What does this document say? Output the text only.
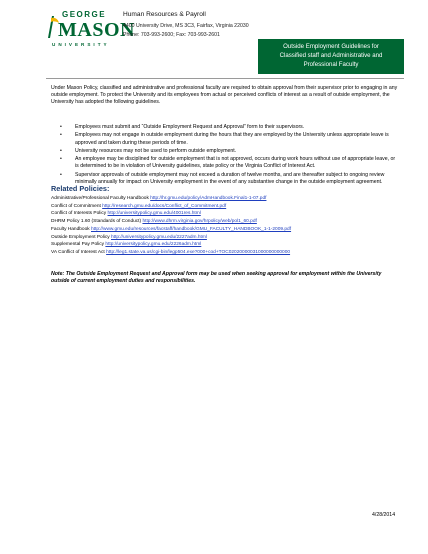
GEORGE
MASON
UNIVERSITY
Human Resources & Payroll
4400 University Drive, MS 3C3, Fairfax, Virginia 22030
Phone: 703-993-2600; Fax: 703-993-2601
Outside Employment Guidelines for
Classified staff and Administrative and
Professional Faculty
Under Mason Policy, classified and administrative and professional faculty are required to obtain approval from their supervisor prior to engaging in any outside employment. To protect the University and its employees from actual or perceived conflicts of interest as a result of outside employment, the University has adopted the following guidelines.
•	Employees must submit and “Outside Employment Request and Approval” form to their supervisors.
•	Employees may not engage in outside employment during the hours that they are employed by the University unless appropriate leave is approved and taken during these periods of time.
•	University resources may not be used to perform outside employment.
•	An employee may be disciplined for outside employment that is not approved, occurs during work hours without use of appropriate leave, or is determined to be in violation of University guidelines, state policy or the Virginia Conflict of Interest Act.
•	Supervisor approvals of outside employment may not exceed a duration of twelve months, and are thereafter subject to ongoing review minimally annually for impact on University employment in the event of any substantive change in the outside employment agreement.
Related Policies:
Administrative/Professional Faculty Handbook http://hr.gmu.edu/policy/AdmHandbook.Final1-1-07.pdf
Conflict of Commitment http://research.gmu.edu/docs/Conflict_of_Commitment.pdf
Conflict of Interests Policy http://universitypolicy.gmu.edu/4001res.html
DHRM Policy 1.60 (Standards of Conduct) http://www.dhrm.virginia.gov/hrpolicy/web/pol1_60.pdf
Faculty Handbook http://www.gmu.edu/resources/facstaff/handbook/GMU_FACULTY_HANDBOOK_1-1-2009.pdf
Outside Employment Policy http://universitypolicy.gmu.edu/2227adm.html
Supplemental Pay Policy http://universitypolicy.gmu.edu/2226adm.html
VA Conflict of Interest Act http://leg1.state.va.us/cgi-bin/legp504.exe?000+cod+TOC02020000031000000000000
Note: The Outside Employment Request and Approval form may be used when seeking approval for employment within the University outside of current employment duties and responsibilities.
4/28/2014
